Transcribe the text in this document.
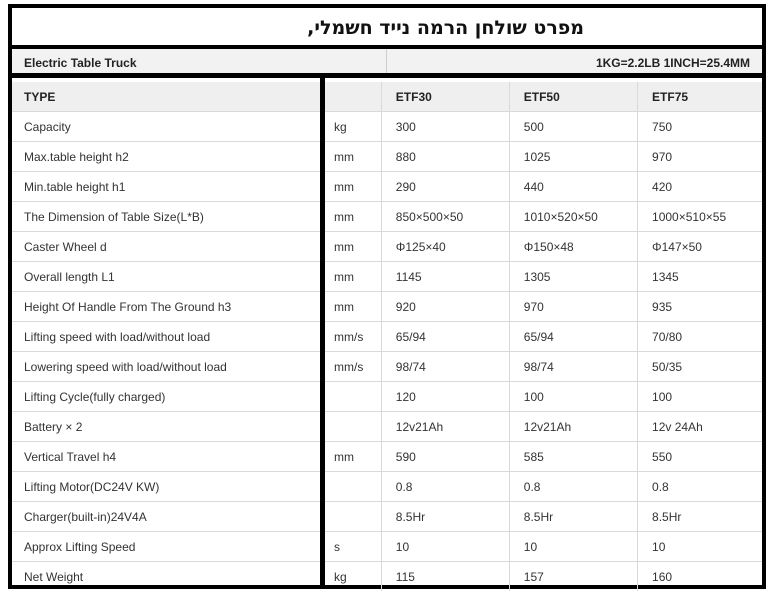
מפרט שולחן הרמה נייד חשמלי,
Electric Table Truck	1KG=2.2LB 1INCH=25.4MM
TYPE			ETF30	ETF50	ETF75
Capacity		kg	300	500	750
Max.table height h2		mm	880	1025	970
Min.table height h1		mm	290	440	420
The Dimension of Table Size(L*B)		mm	850×500×50	1010×520×50	1000×510×55
Caster Wheel d		mm	Φ125×40	Φ150×48	Φ147×50
Overall length L1		mm	1145	1305	1345
Height Of Handle From The Ground h3		mm	920	970	935
Lifting speed with load/without load		mm/s	65/94	65/94	70/80
Lowering speed with load/without load		mm/s	98/74	98/74	50/35
Lifting Cycle(fully charged)			120	100	100
Battery × 2			12v21Ah	12v21Ah	12v 24Ah
Vertical Travel h4		mm	590	585	550
Lifting Motor(DC24V KW)			0.8	0.8	0.8
Charger(built-in)24V4A			8.5Hr	8.5Hr	8.5Hr
Approx Lifting Speed		s	10	10	10
Net Weight		kg	115	157	160
